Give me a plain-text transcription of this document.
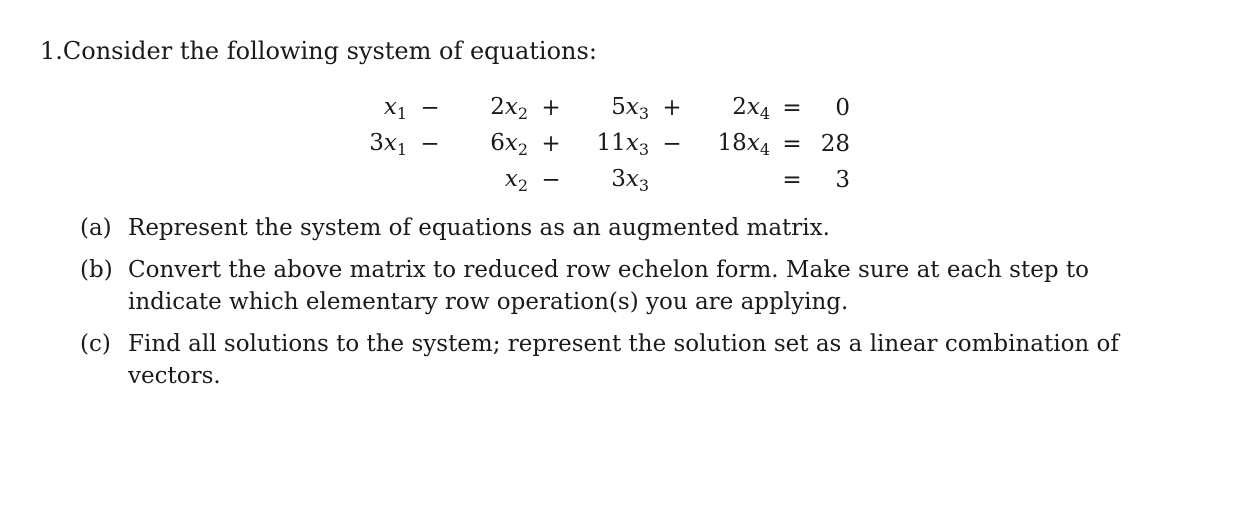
1.Consider the following system of equations:
$x_1$	−	$2x_2$	+	$5x_3$	+	$2x_4$	=	0
$3x_1$	−	$6x_2$	+	$11x_3$	−	$18x_4$	=	28
		$x_2$	−	$3x_3$			=	3
(a) Represent the system of equations as an augmented matrix.
(b) Convert the above matrix to reduced row echelon form. Make sure at each step to indicate which elementary row operation(s) you are applying.
(c) Find all solutions to the system; represent the solution set as a linear combination of vectors.
